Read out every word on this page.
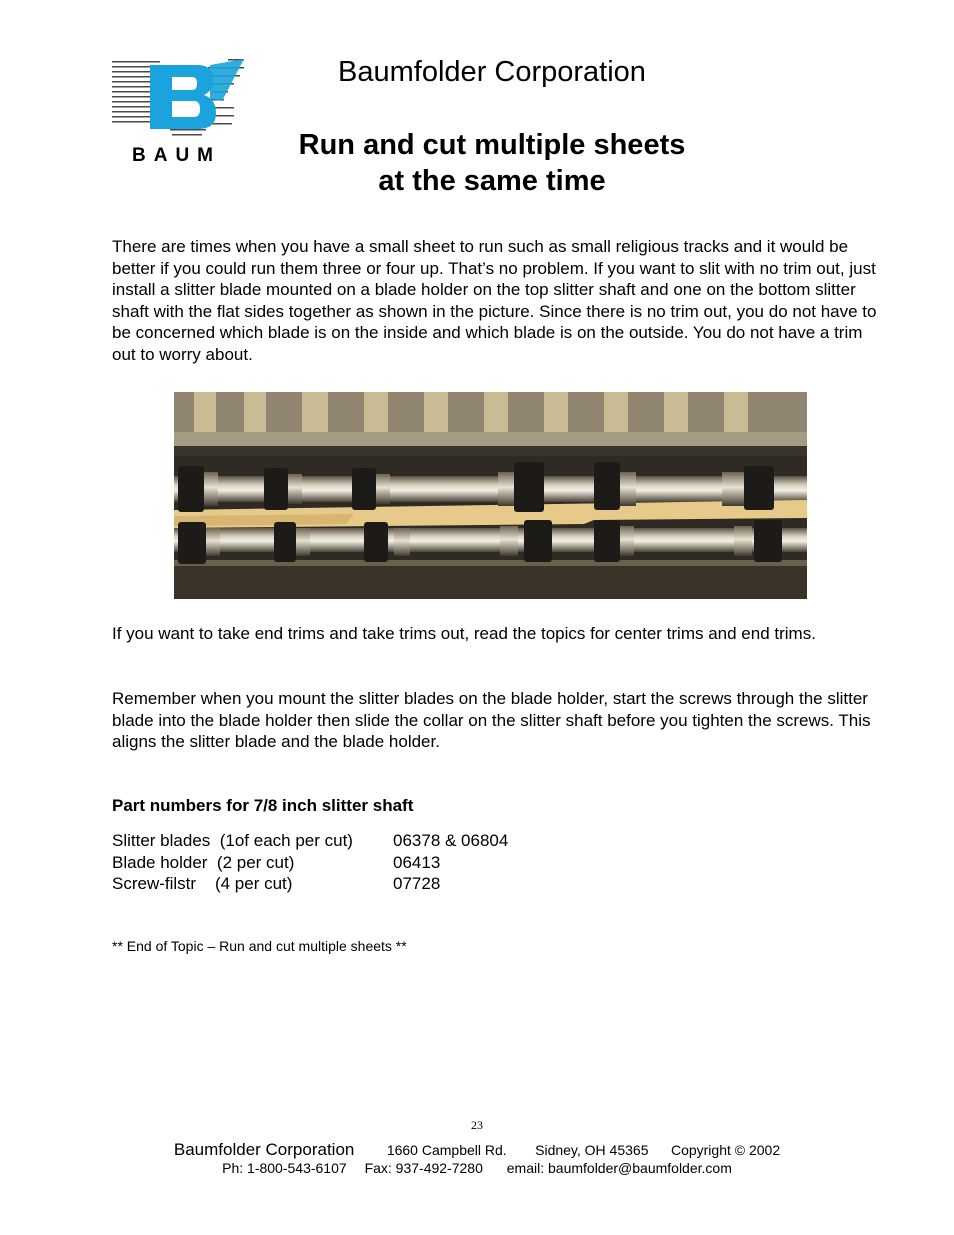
BAUM
Baumfolder Corporation
Run and cut multiple sheets
at the same time
There are times when you have a small sheet to run such as small religious tracks and it would be better if you could run them three or four up. That’s no problem. If you want to slit with no trim out, just install a slitter blade mounted on a blade holder on the top slitter shaft and one on the bottom slitter shaft with the flat sides together as shown in the picture. Since there is no trim out, you do not have to be concerned which blade is on the inside and which blade is on the outside. You do not have a trim out to worry about.
If you want to take end trims and take trims out, read the topics for center trims and end trims.
Remember when you mount the slitter blades on the blade holder, start the screws through the slitter blade into the blade holder then slide the collar on the slitter shaft before you tighten the screws. This aligns the slitter blade and the blade holder.
Part numbers for 7/8 inch slitter shaft
Slitter blades  (1of each per cut) 06378 & 06804
Blade holder  (2 per cut)	06413
Screw-filstr    (4 per cut)	07728
** End of Topic – Run and cut multiple sheets **
23
Baumfolder Corporation 1660 Campbell Rd. Sidney, OH 45365 Copyright © 2002
Ph: 1-800-543-6107 Fax: 937-492-7280 email: baumfolder@baumfolder.com
